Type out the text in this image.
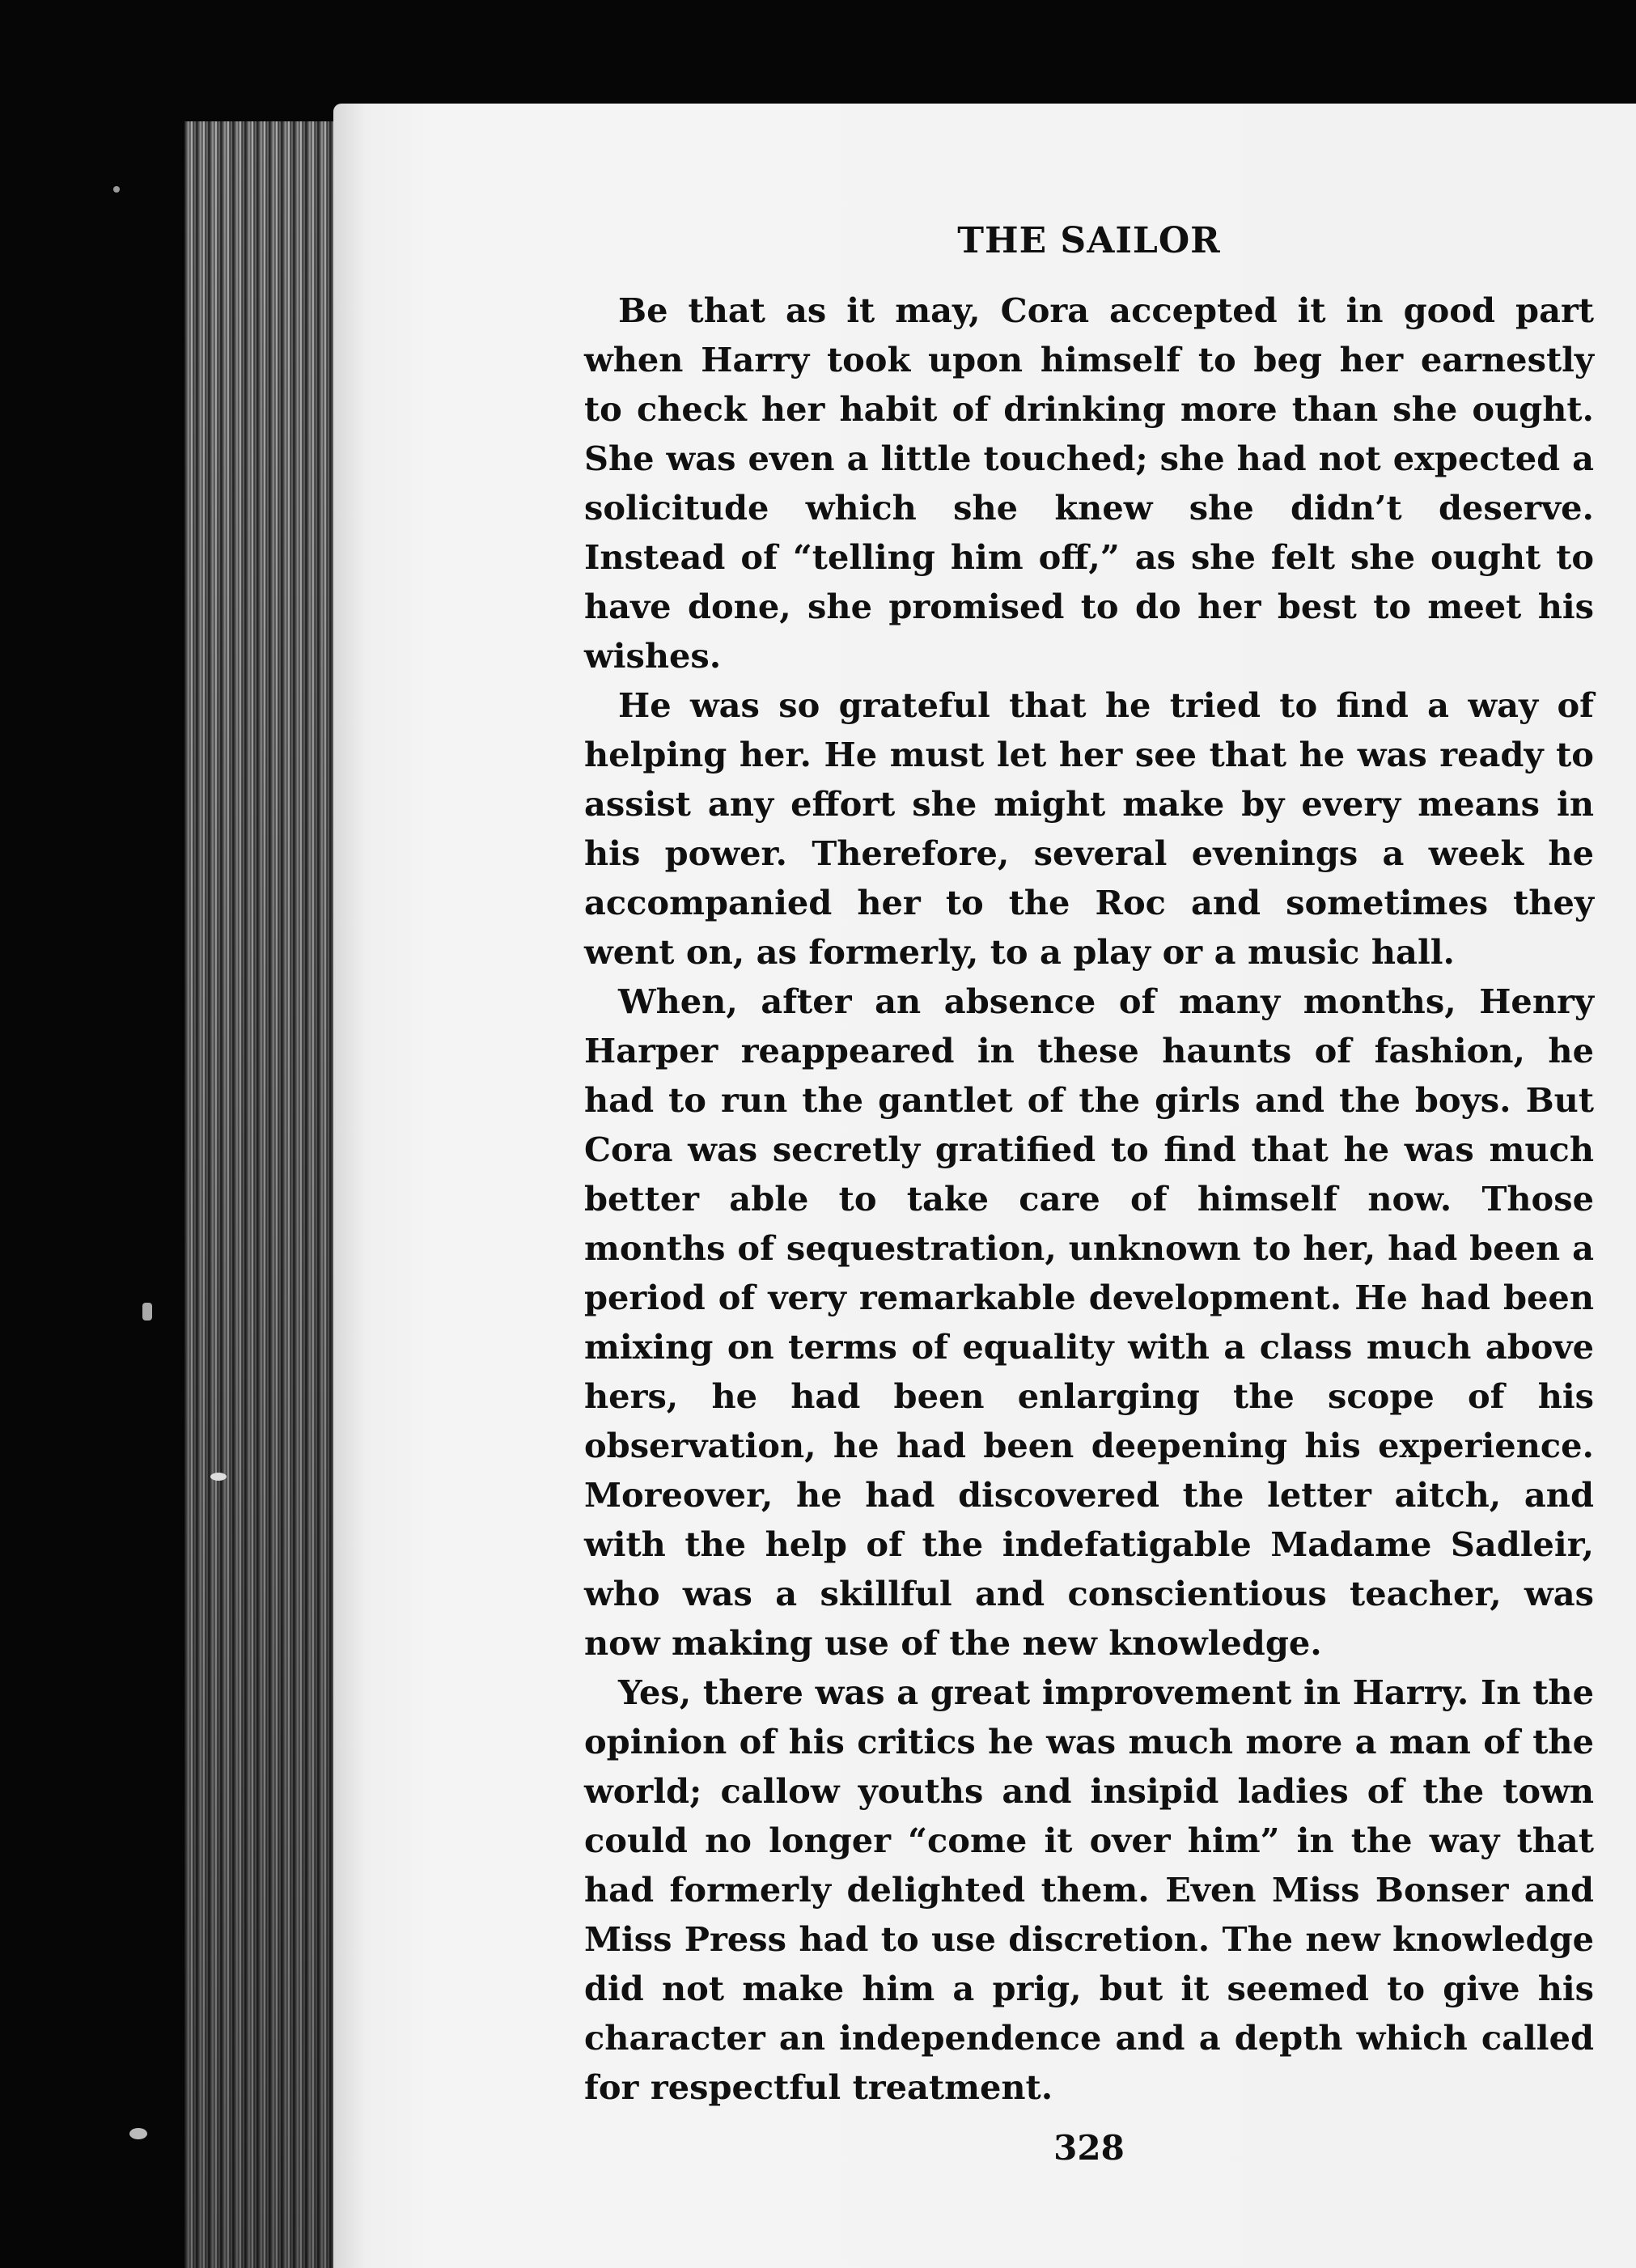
THE SAILOR

Be that as it may, Cora accepted it in good part when Harry took upon himself to beg her earnestly to check her habit of drinking more than she ought. She was even a little touched; she had not expected a solicitude which she knew she didn’t deserve. Instead of “telling him off,” as she felt she ought to have done, she promised to do her best to meet his wishes.

He was so grateful that he tried to find a way of helping her. He must let her see that he was ready to assist any effort she might make by every means in his power. Therefore, several evenings a week he accompanied her to the Roc and sometimes they went on, as formerly, to a play or a music hall.

When, after an absence of many months, Henry Harper reappeared in these haunts of fashion, he had to run the gantlet of the girls and the boys. But Cora was secretly gratified to find that he was much better able to take care of himself now. Those months of sequestration, unknown to her, had been a period of very remarkable development. He had been mixing on terms of equality with a class much above hers, he had been enlarging the scope of his observation, he had been deepening his experience. Moreover, he had discovered the letter aitch, and with the help of the indefatigable Madame Sadleir, who was a skillful and conscientious teacher, was now making use of the new knowledge.

Yes, there was a great improvement in Harry. In the opinion of his critics he was much more a man of the world; callow youths and insipid ladies of the town could no longer “come it over him” in the way that had formerly delighted them. Even Miss Bonser and Miss Press had to use discretion. The new knowledge did not make him a prig, but it seemed to give his character an independence and a depth which called for respectful treatment.

328
